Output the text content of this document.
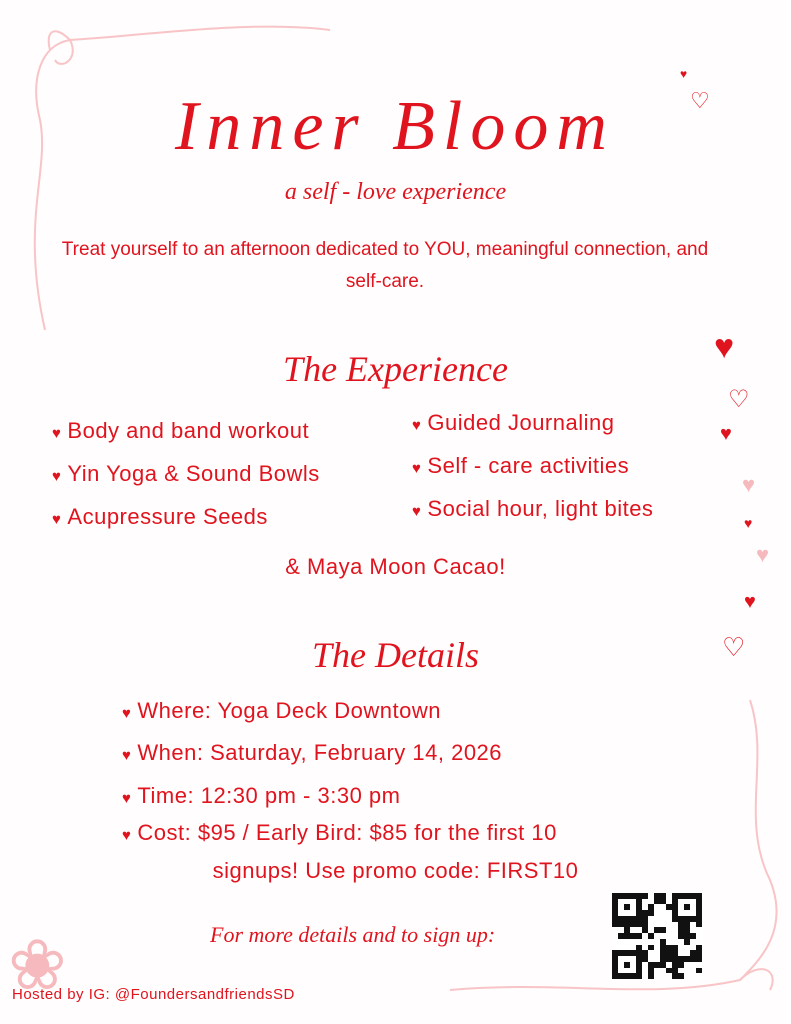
❀
♥
♡
♥
♡
♥
♥
♥
♥
♥
♡
Inner Bloom
a self - love experience
Treat yourself to an afternoon dedicated to YOU, meaningful connection, and self-care.
The Experience
♥ Body and band workout
♥ Yin Yoga & Sound Bowls
♥ Acupressure Seeds
♥ Guided Journaling
♥ Self - care activities
♥ Social hour, light bites
& Maya Moon Cacao!
The Details
♥ Where: Yoga Deck Downtown
♥ When: Saturday, February 14, 2026
♥ Time: 12:30 pm - 3:30 pm
♥ Cost: $95 / Early Bird: $85 for the first 10
signups! Use promo code: FIRST10
For more details and to sign up:
Hosted by IG: @FoundersandfriendsSD
